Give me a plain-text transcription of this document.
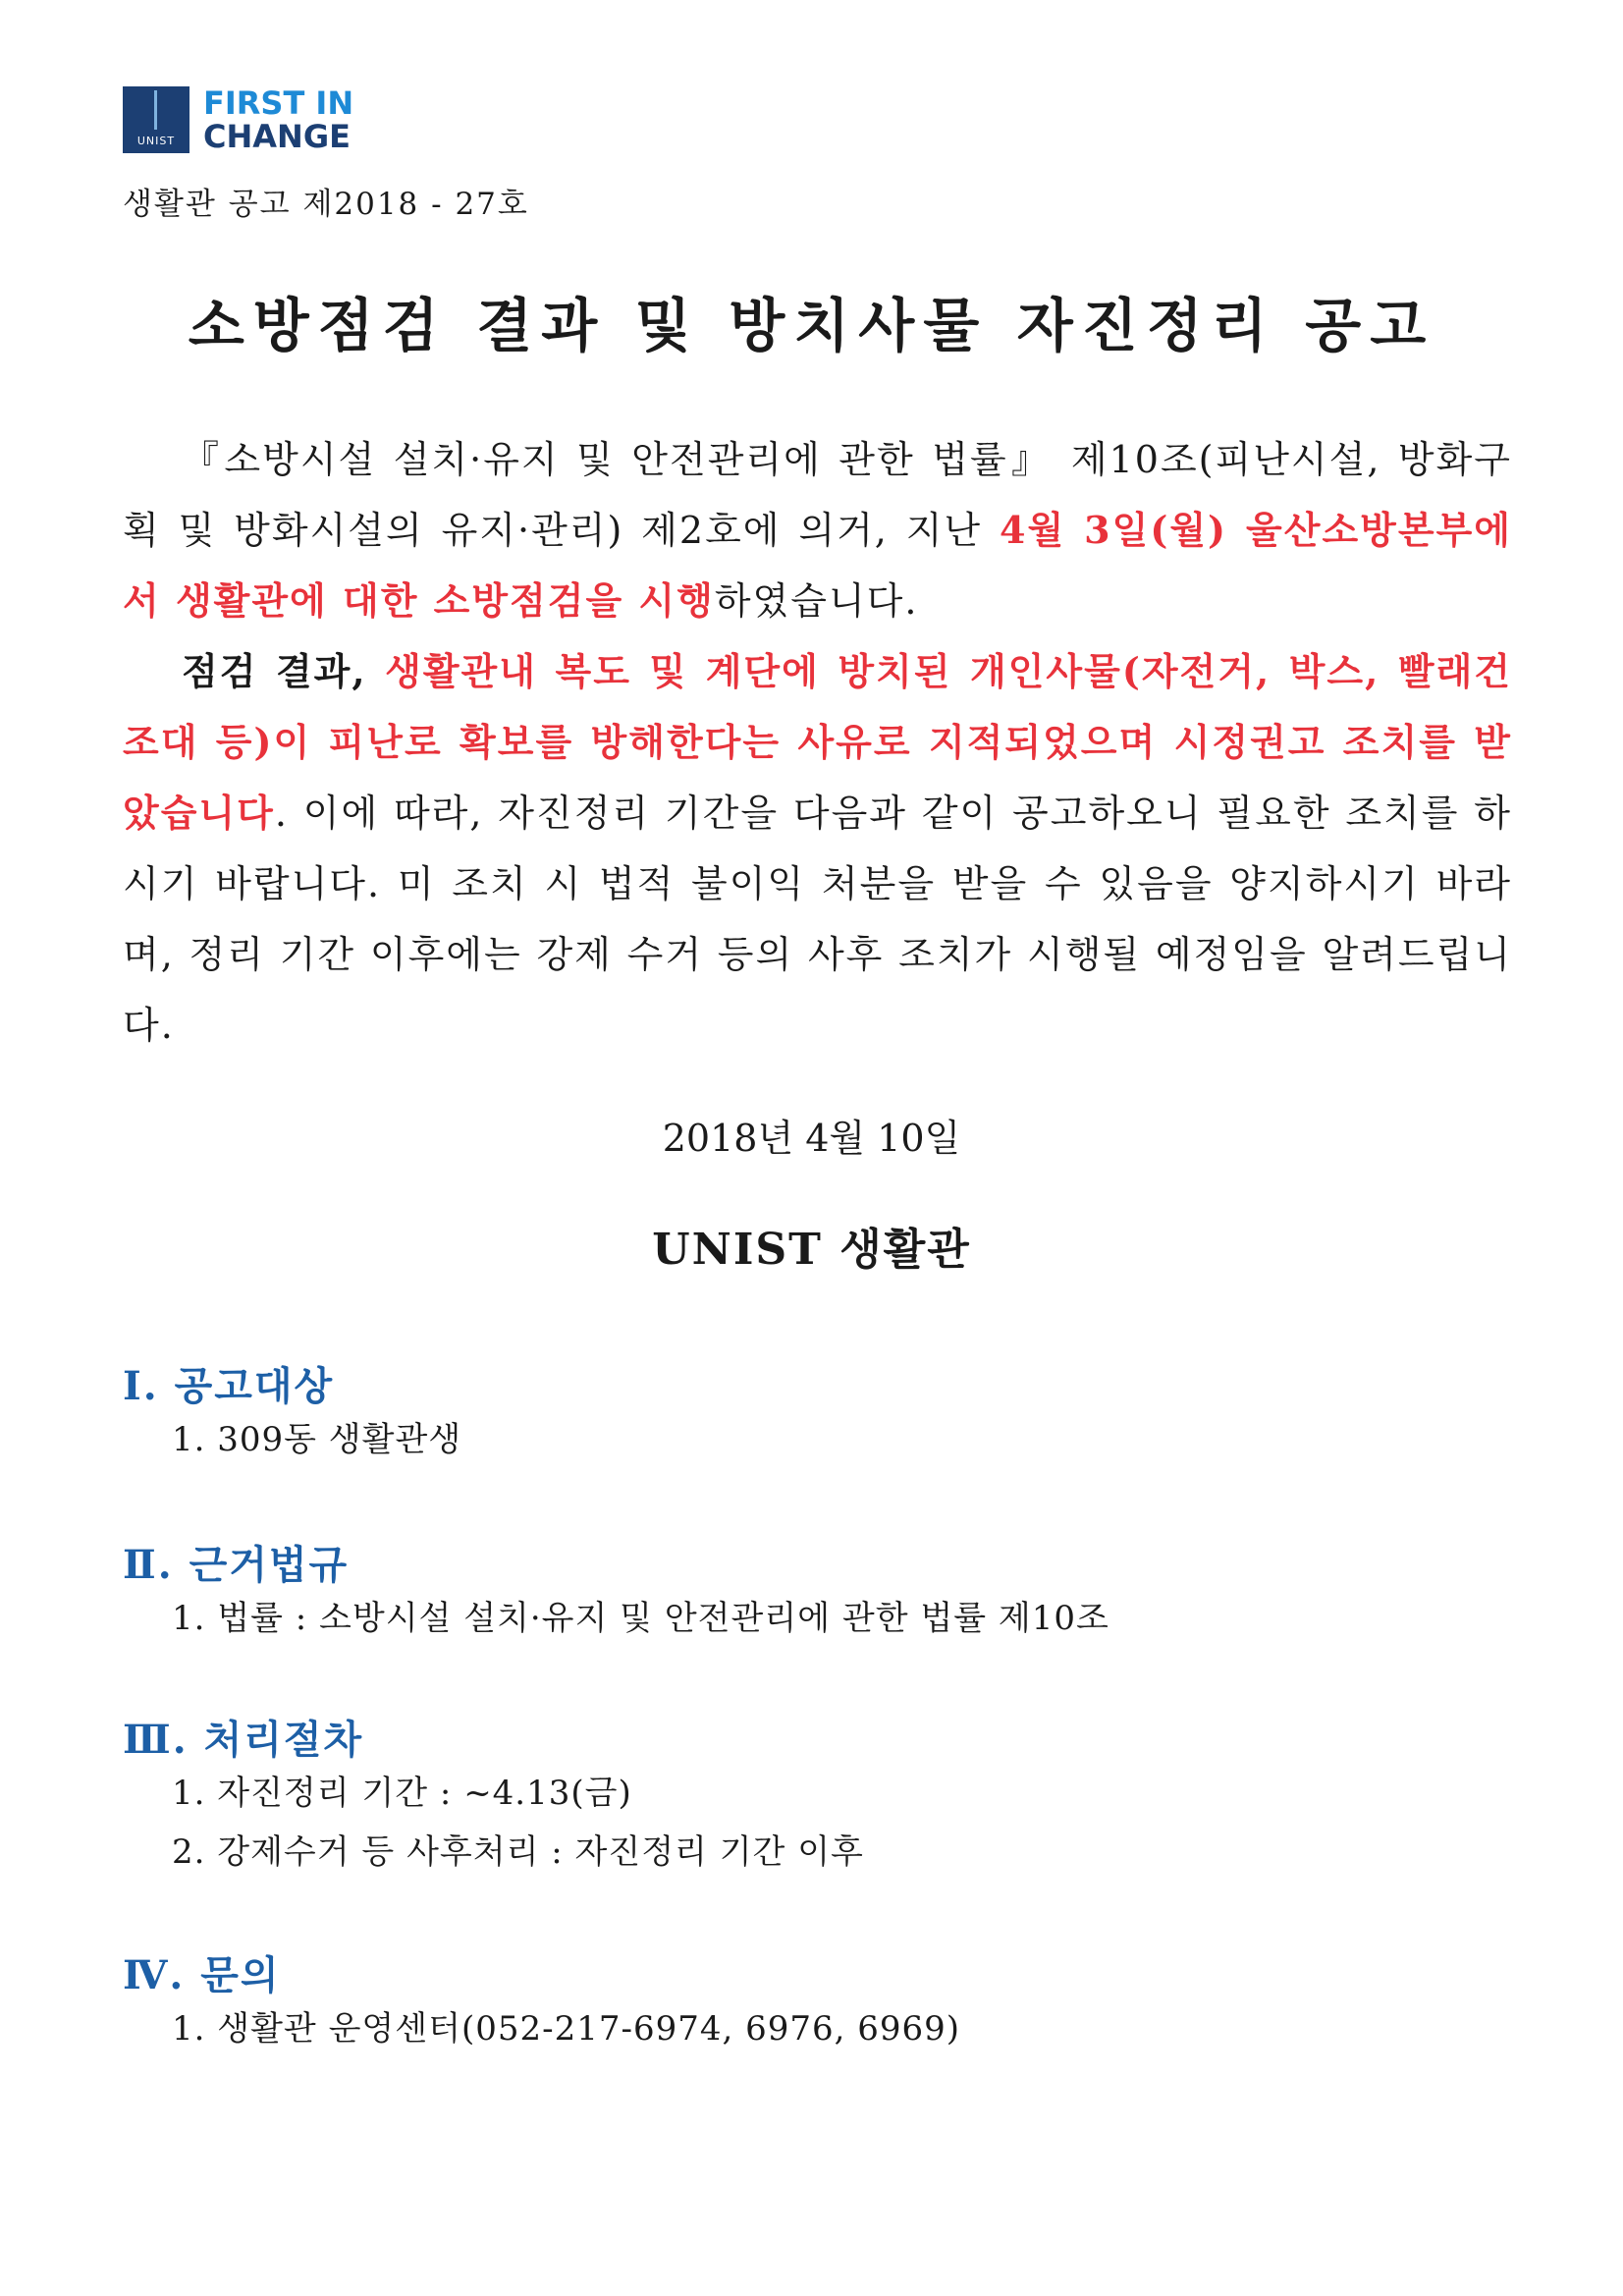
UNIST
FIRST IN
CHANGE
생활관 공고 제2018 - 27호
소방점검 결과 및 방치사물 자진정리 공고

『소방시설 설치·유지 및 안전관리에 관한 법률』 제10조(피난시설, 방화구획 및 방화시설의 유지·관리) 제2호에 의거, 지난 4월 3일(월) 울산소방본부에서 생활관에 대한 소방점검을 시행하였습니다.

점검 결과, 생활관내 복도 및 계단에 방치된 개인사물(자전거, 박스, 빨래건조대 등)이 피난로 확보를 방해한다는 사유로 지적되었으며 시정권고 조치를 받았습니다. 이에 따라, 자진정리 기간을 다음과 같이 공고하오니 필요한 조치를 하시기 바랍니다. 미 조치 시 법적 불이익 처분을 받을 수 있음을 양지하시기 바라며, 정리 기간 이후에는 강제 수거 등의 사후 조치가 시행될 예정임을 알려드립니다.

2018년 4월 10일
UNIST 생활관
Ⅰ. 공고대상
1. 309동 생활관생
Ⅱ. 근거법규
1. 법률 : 소방시설 설치·유지 및 안전관리에 관한 법률 제10조
Ⅲ. 처리절차
1. 자진정리 기간 : ~4.13(금)
2. 강제수거 등 사후처리 : 자진정리 기간 이후
Ⅳ. 문의
1. 생활관 운영센터(052-217-6974, 6976, 6969)
